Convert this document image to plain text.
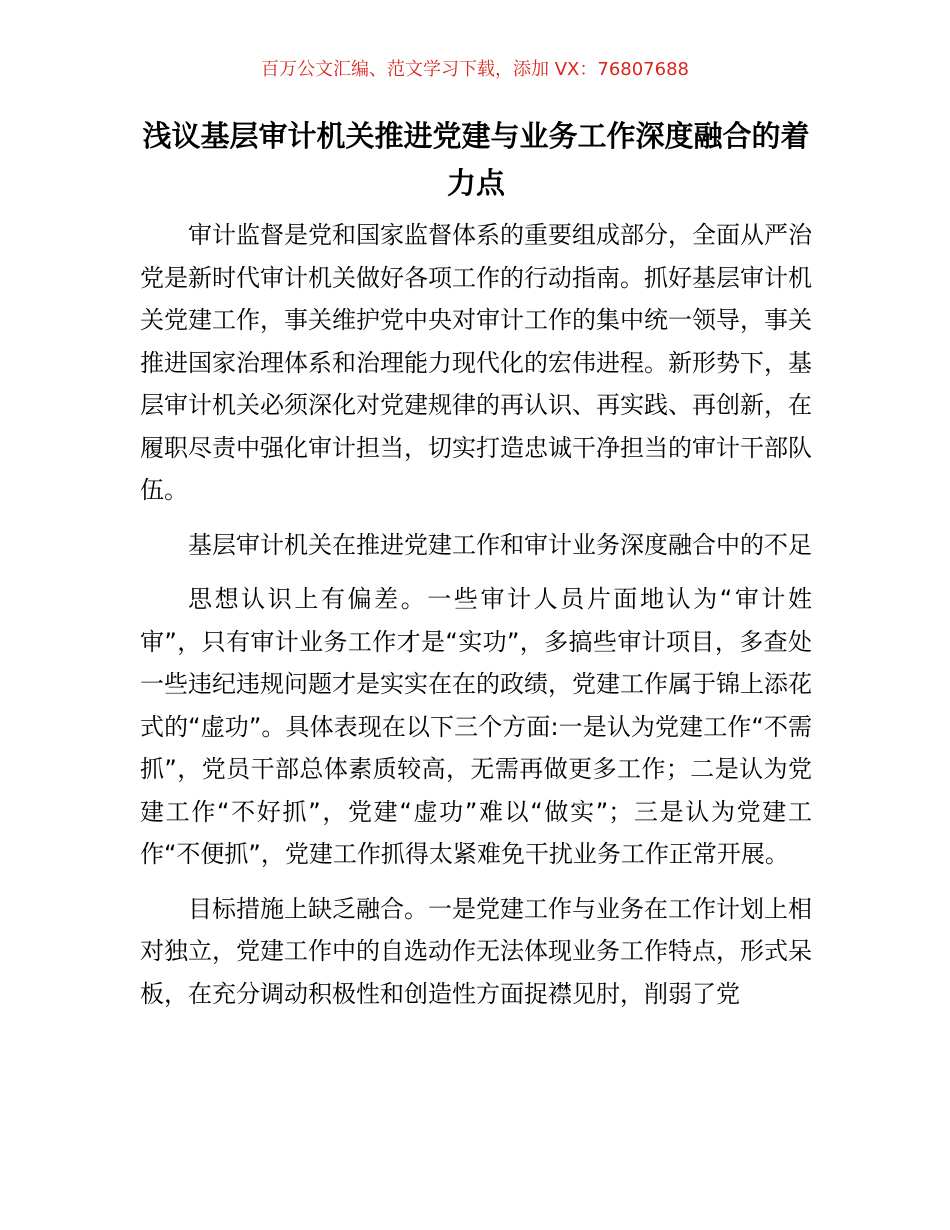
百万公文汇编、范文学习下载，添加 VX：76807688
浅议基层审计机关推进党建与业务工作深度融合的着力点

审计监督是党和国家监督体系的重要组成部分，全面从严治党是新时代审计机关做好各项工作的行动指南。抓好基层审计机关党建工作，事关维护党中央对审计工作的集中统一领导，事关推进国家治理体系和治理能力现代化的宏伟进程。新形势下，基层审计机关必须深化对党建规律的再认识、再实践、再创新，在履职尽责中强化审计担当，切实打造忠诚干净担当的审计干部队伍。

基层审计机关在推进党建工作和审计业务深度融合中的不足

思想认识上有偏差。一些审计人员片面地认为“审计姓审”，只有审计业务工作才是“实功”，多搞些审计项目，多查处一些违纪违规问题才是实实在在的政绩，党建工作属于锦上添花式的“虚功”。具体表现在以下三个方面:一是认为党建工作“不需抓”，党员干部总体素质较高，无需再做更多工作；二是认为党建工作“不好抓”，党建“虚功”难以“做实”；三是认为党建工作“不便抓”，党建工作抓得太紧难免干扰业务工作正常开展。

目标措施上缺乏融合。一是党建工作与业务在工作计划上相对独立，党建工作中的自选动作无法体现业务工作特点，形式呆板，在充分调动积极性和创造性方面捉襟见肘，削弱了党
